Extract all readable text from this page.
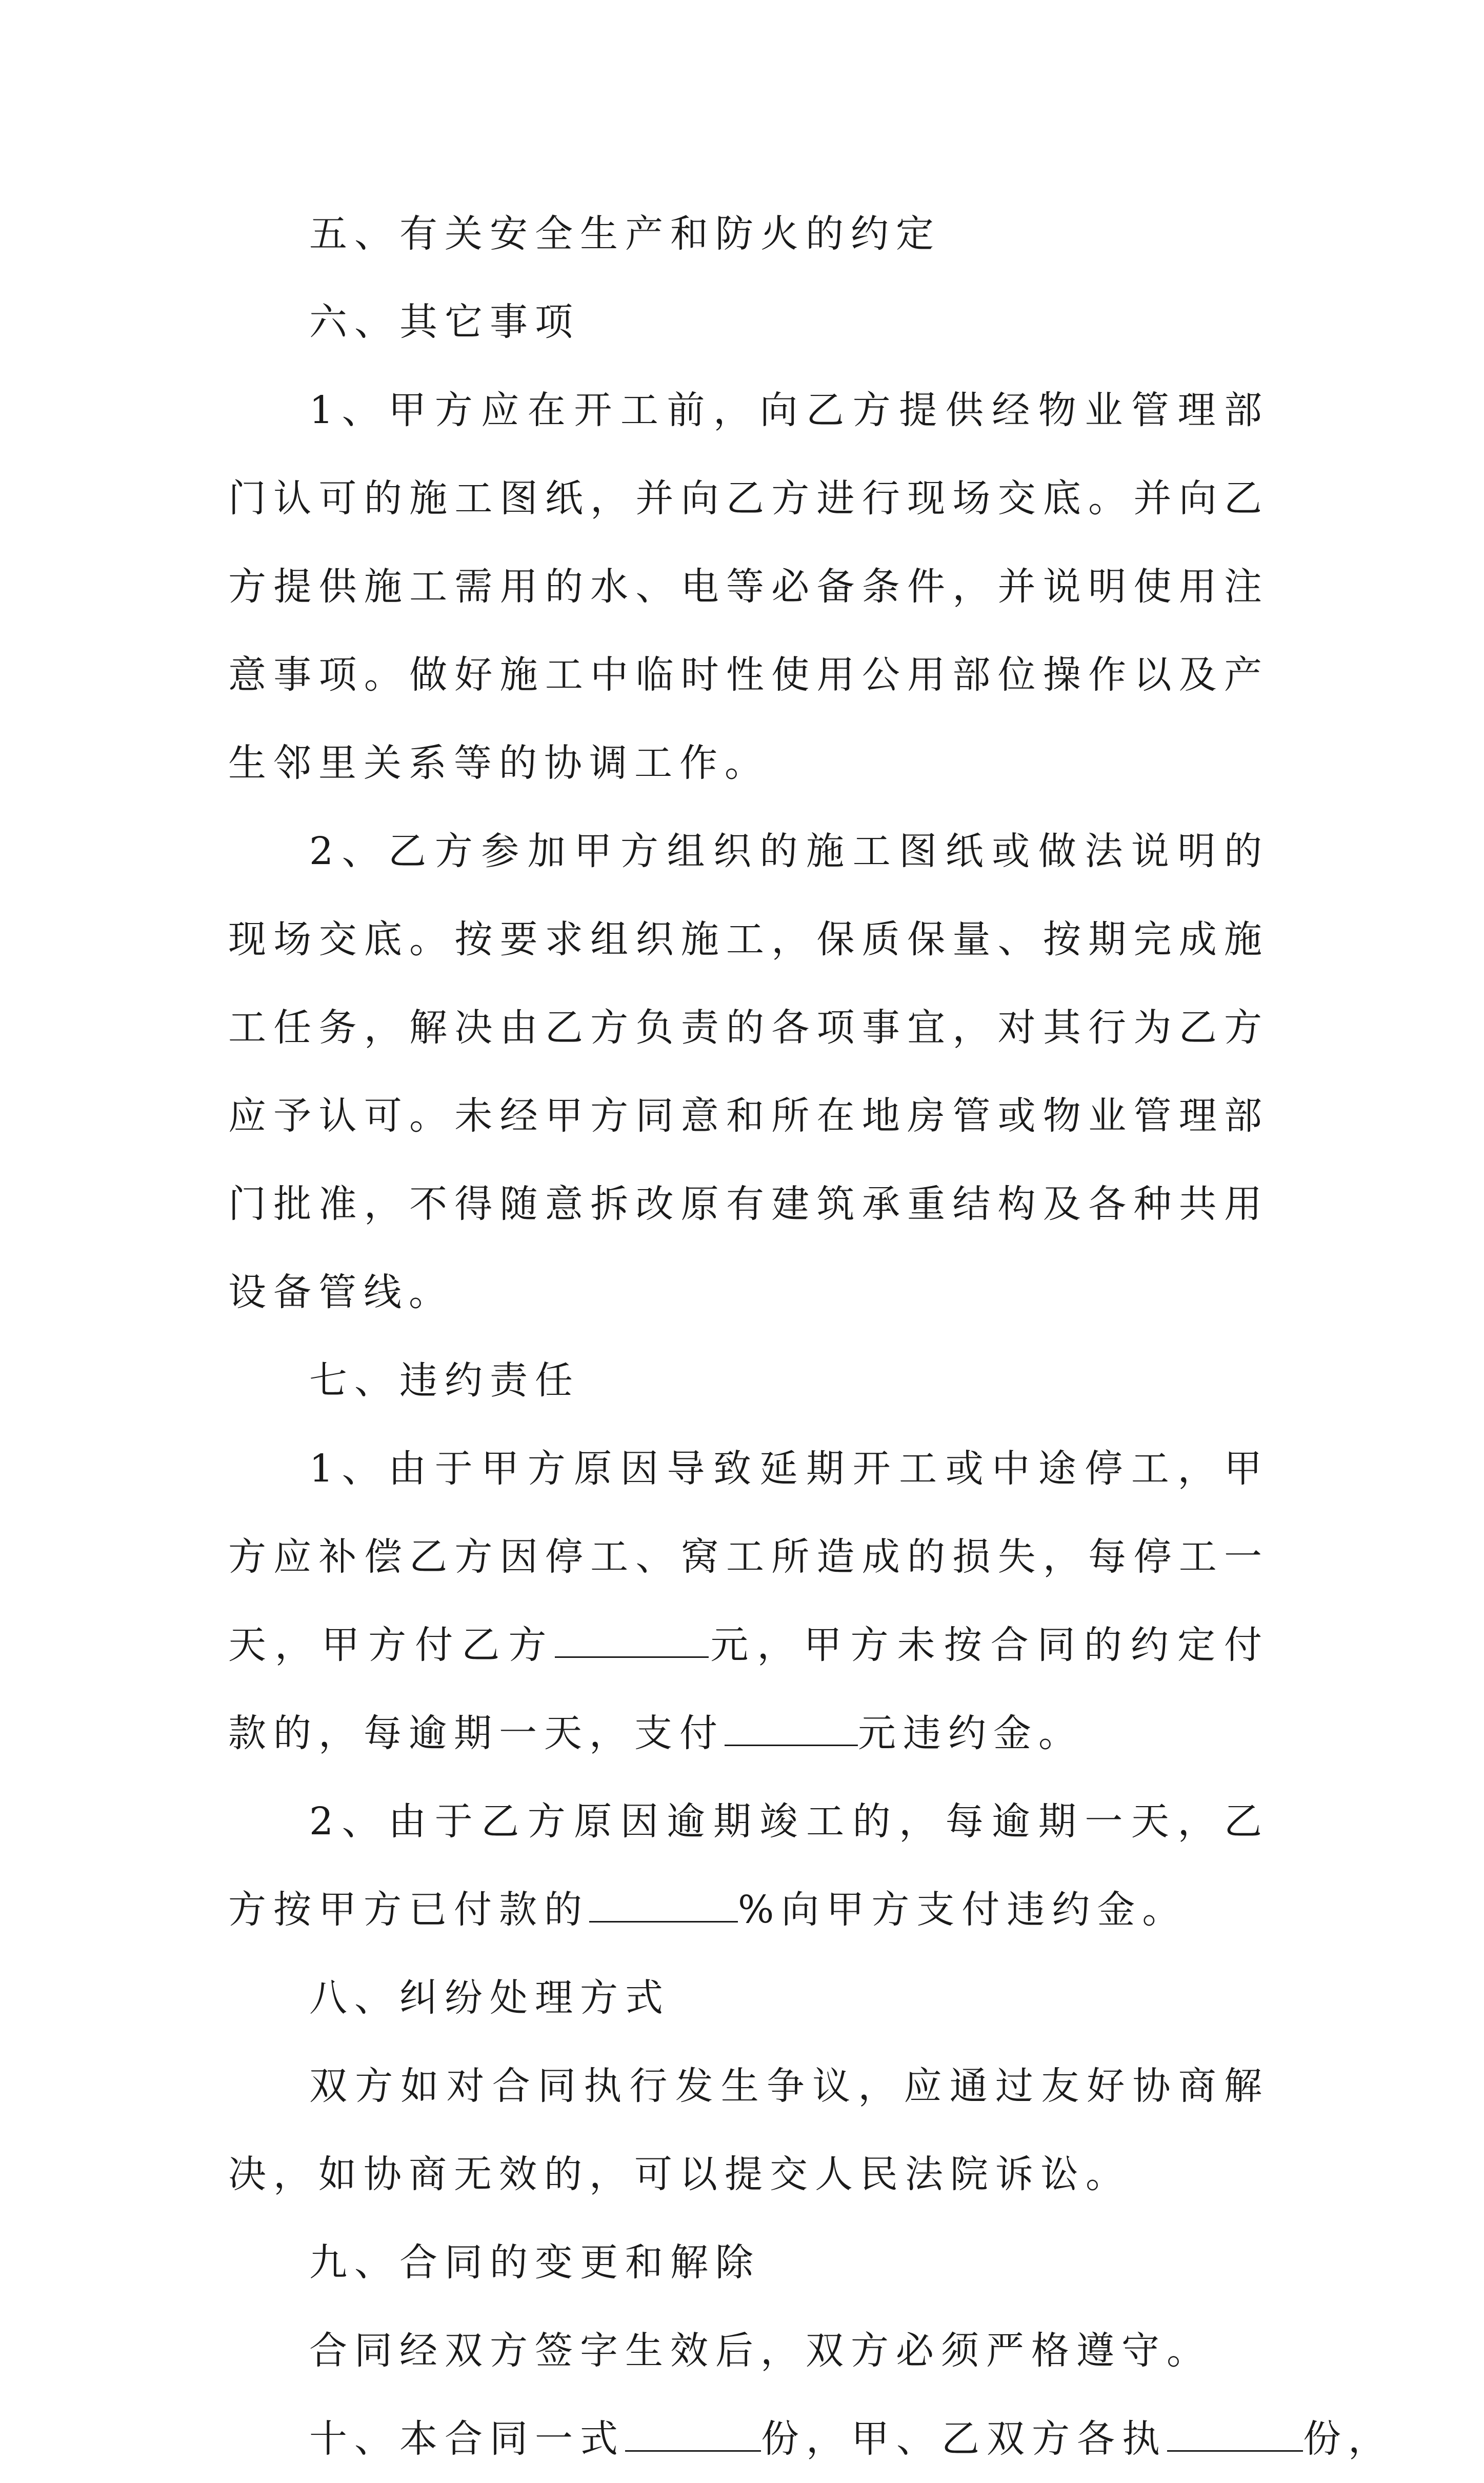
五、有关安全生产和防火的约定

六、其它事项

1、甲方应在开工前，向乙方提供经物业管理部门认可的施工图纸，并向乙方进行现场交底。并向乙方提供施工需用的水、电等必备条件，并说明使用注意事项。做好施工中临时性使用公用部位操作以及产生邻里关系等的协调工作。

2、乙方参加甲方组织的施工图纸或做法说明的现场交底。按要求组织施工，保质保量、按期完成施工任务，解决由乙方负责的各项事宜，对其行为乙方应予认可。未经甲方同意和所在地房管或物业管理部门批准，不得随意拆改原有建筑承重结构及各种共用设备管线。

七、违约责任

1、由于甲方原因导致延期开工或中途停工，甲方应补偿乙方因停工、窝工所造成的损失，每停工一天，甲方付乙方	元，甲方未按合同的约定付款的，每逾期一天，支付	元违约金。

2、由于乙方原因逾期竣工的，每逾期一天，乙方按甲方已付款的	%向甲方支付违约金。

八、纠纷处理方式

双方如对合同执行发生争议，应通过友好协商解决，如协商无效的，可以提交人民法院诉讼。

九、合同的变更和解除

合同经双方签字生效后，双方必须严格遵守。

十、本合同一式	份，甲、乙双方各执	份，
